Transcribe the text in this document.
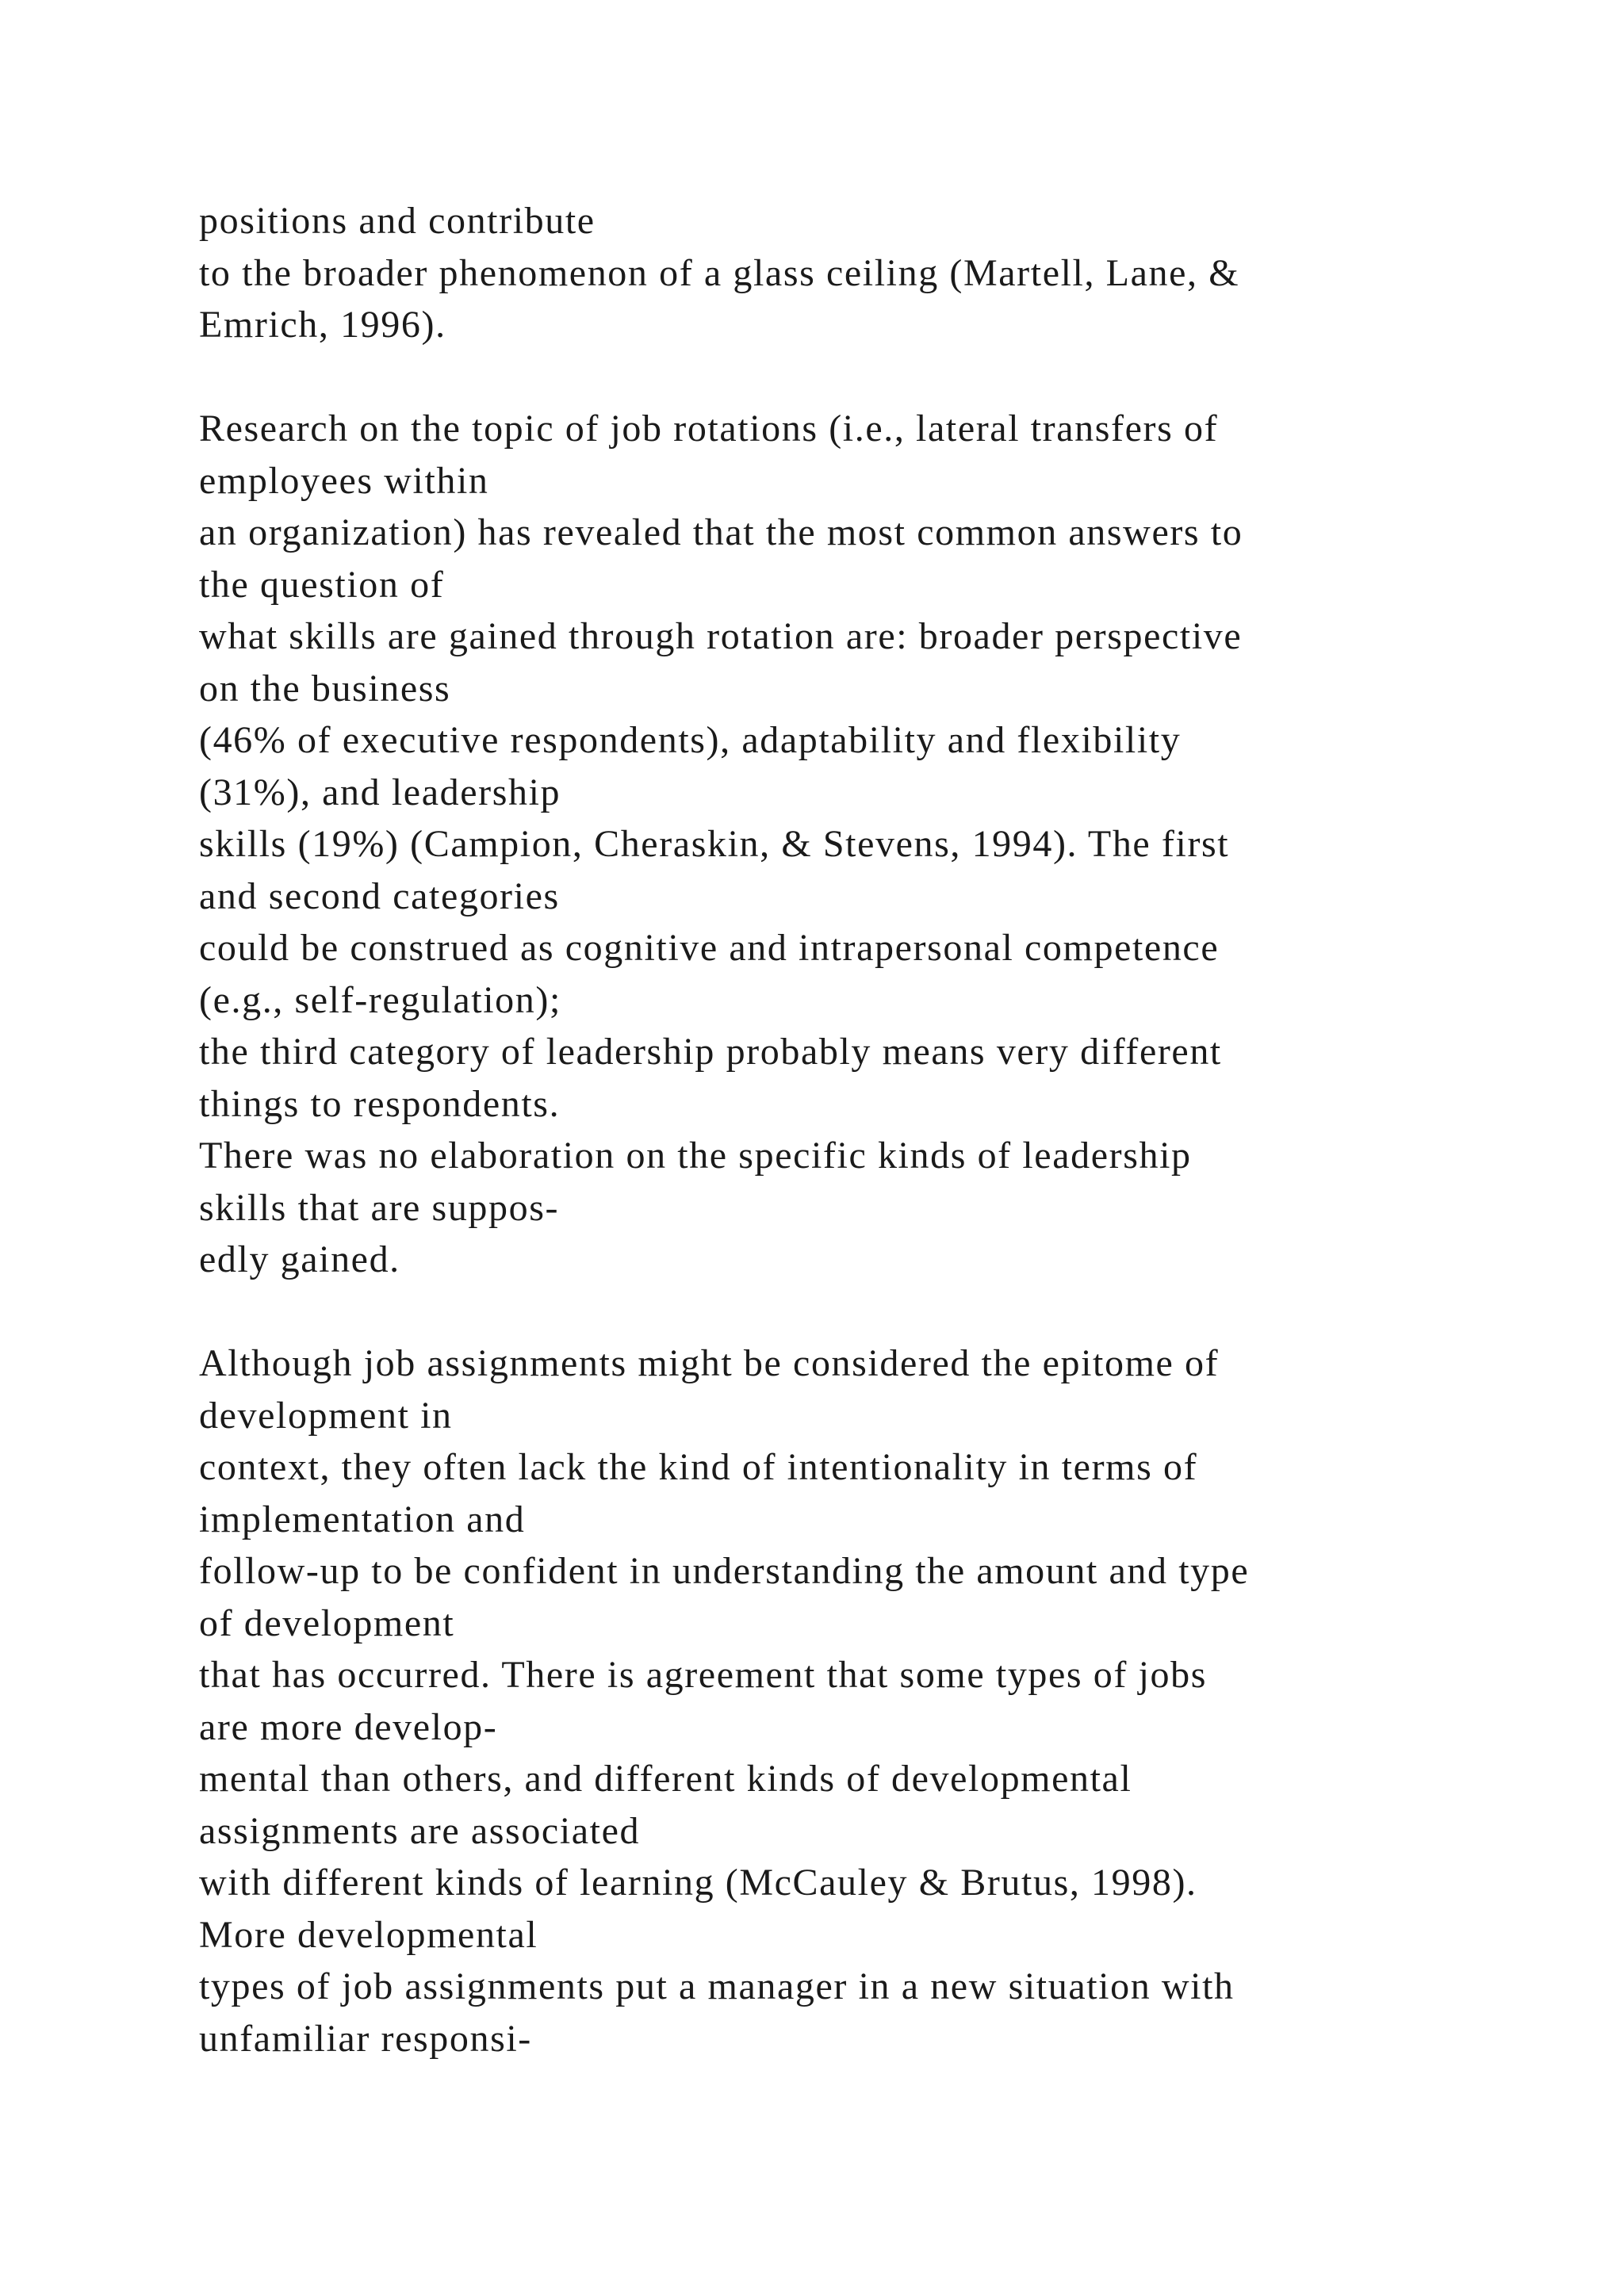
positions and contribute
to the broader phenomenon of a glass ceiling (Martell, Lane, &
Emrich, 1996).
Research on the topic of job rotations (i.e., lateral transfers of
employees within
an organization) has revealed that the most common answers to
the question of
what skills are gained through rotation are: broader perspective
on the business
(46% of executive respondents), adaptability and flexibility
(31%), and leadership
skills (19%) (Campion, Cheraskin, & Stevens, 1994). The first
and second categories
could be construed as cognitive and intrapersonal competence
(e.g., self-regulation);
the third category of leadership probably means very different
things to respondents.
There was no elaboration on the specific kinds of leadership
skills that are suppos-
edly gained.
Although job assignments might be considered the epitome of
development in
context, they often lack the kind of intentionality in terms of
implementation and
follow-up to be confident in understanding the amount and type
of development
that has occurred. There is agreement that some types of jobs
are more develop-
mental than others, and different kinds of developmental
assignments are associated
with different kinds of learning (McCauley & Brutus, 1998).
More developmental
types of job assignments put a manager in a new situation with
unfamiliar responsi-
